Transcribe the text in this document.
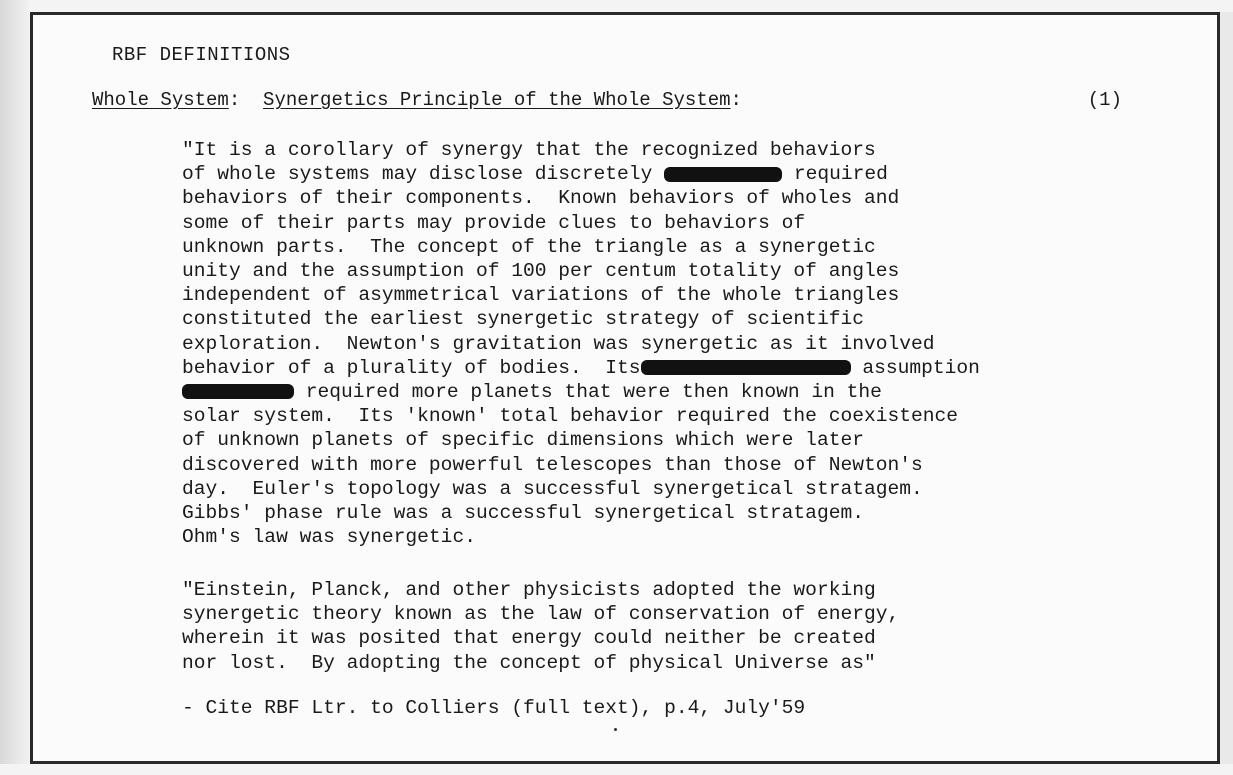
RBF DEFINITIONS
Whole System: Synergetics Principle of the Whole System:	(1)
"It is a corollary of synergy that the recognized behaviors
of whole systems may disclose discretely	required
behaviors of their components.  Known behaviors of wholes and
some of their parts may provide clues to behaviors of
unknown parts.  The concept of the triangle as a synergetic
unity and the assumption of 100 per centum totality of angles
independent of asymmetrical variations of the whole triangles
constituted the earliest synergetic strategy of scientific
exploration.  Newton's gravitation was synergetic as it involved
behavior of a plurality of bodies.  Its	assumption
required more planets that were then known in the
solar system.  Its 'known' total behavior required the coexistence
of unknown planets of specific dimensions which were later
discovered with more powerful telescopes than those of Newton's
day.  Euler's topology was a successful synergetical stratagem.
Gibbs' phase rule was a successful synergetical stratagem.
Ohm's law was synergetic.
"Einstein, Planck, and other physicists adopted the working
synergetic theory known as the law of conservation of energy,
wherein it was posited that energy could neither be created
nor lost.  By adopting the concept of physical Universe as"
- Cite RBF Ltr. to Colliers (full text), p.4, July'59
